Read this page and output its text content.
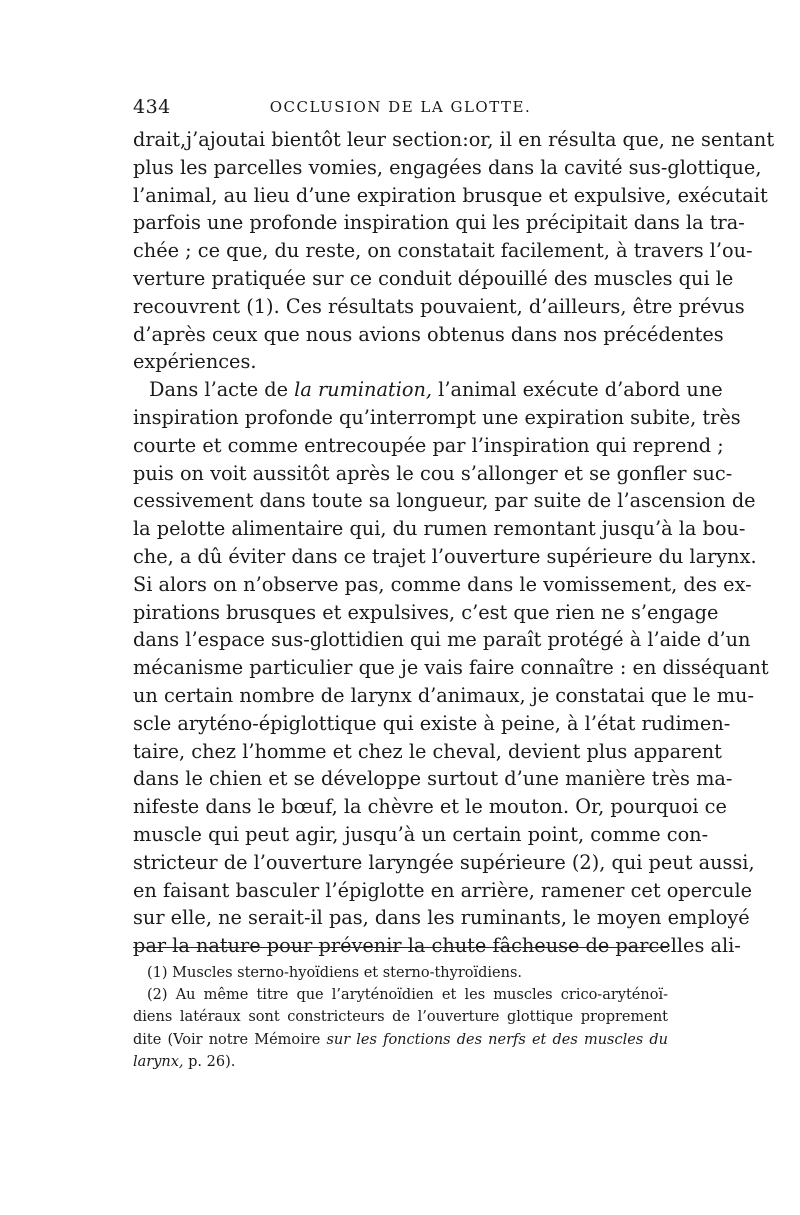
434	OCCLUSION DE LA GLOTTE.
drait,j’ajoutai bientôt leur section:or, il en résulta que, ne sentant
plus les parcelles vomies, engagées dans la cavité sus-glottique,
l’animal, au lieu d’une expiration brusque et expulsive, exécutait
parfois une profonde inspiration qui les précipitait dans la tra-
chée ; ce que, du reste, on constatait facilement, à travers l’ou-
verture pratiquée sur ce conduit dépouillé des muscles qui le
recouvrent (1). Ces résultats pouvaient, d’ailleurs, être prévus
d’après ceux que nous avions obtenus dans nos précédentes
expériences.
Dans l’acte de la rumination, l’animal exécute d’abord une
inspiration profonde qu’interrompt une expiration subite, très
courte et comme entrecoupée par l’inspiration qui reprend ;
puis on voit aussitôt après le cou s’allonger et se gonfler suc-
cessivement dans toute sa longueur, par suite de l’ascension de
la pelotte alimentaire qui, du rumen remontant jusqu’à la bou-
che, a dû éviter dans ce trajet l’ouverture supérieure du larynx.
Si alors on n’observe pas, comme dans le vomissement, des ex-
pirations brusques et expulsives, c’est que rien ne s’engage
dans l’espace sus-glottidien qui me paraît protégé à l’aide d’un
mécanisme particulier que je vais faire connaître : en disséquant
un certain nombre de larynx d’animaux, je constatai que le mu-
scle aryténo-épiglottique qui existe à peine, à l’état rudimen-
taire, chez l’homme et chez le cheval, devient plus apparent
dans le chien et se développe surtout d’une manière très ma-
nifeste dans le bœuf, la chèvre et le mouton. Or, pourquoi ce
muscle qui peut agir, jusqu’à un certain point, comme con-
stricteur de l’ouverture laryngée supérieure (2), qui peut aussi,
en faisant basculer l’épiglotte en arrière, ramener cet opercule
sur elle, ne serait-il pas, dans les ruminants, le moyen employé
par la nature pour prévenir la chute fâcheuse de parcelles ali-
(1) Muscles sterno-hyoïdiens et sterno-thyroïdiens.
(2) Au même titre que l’aryténoïdien et les muscles crico-aryténoï-
diens latéraux sont constricteurs de l’ouverture glottique proprement
dite (Voir notre Mémoire sur les fonctions des nerfs et des muscles du
larynx, p. 26).
